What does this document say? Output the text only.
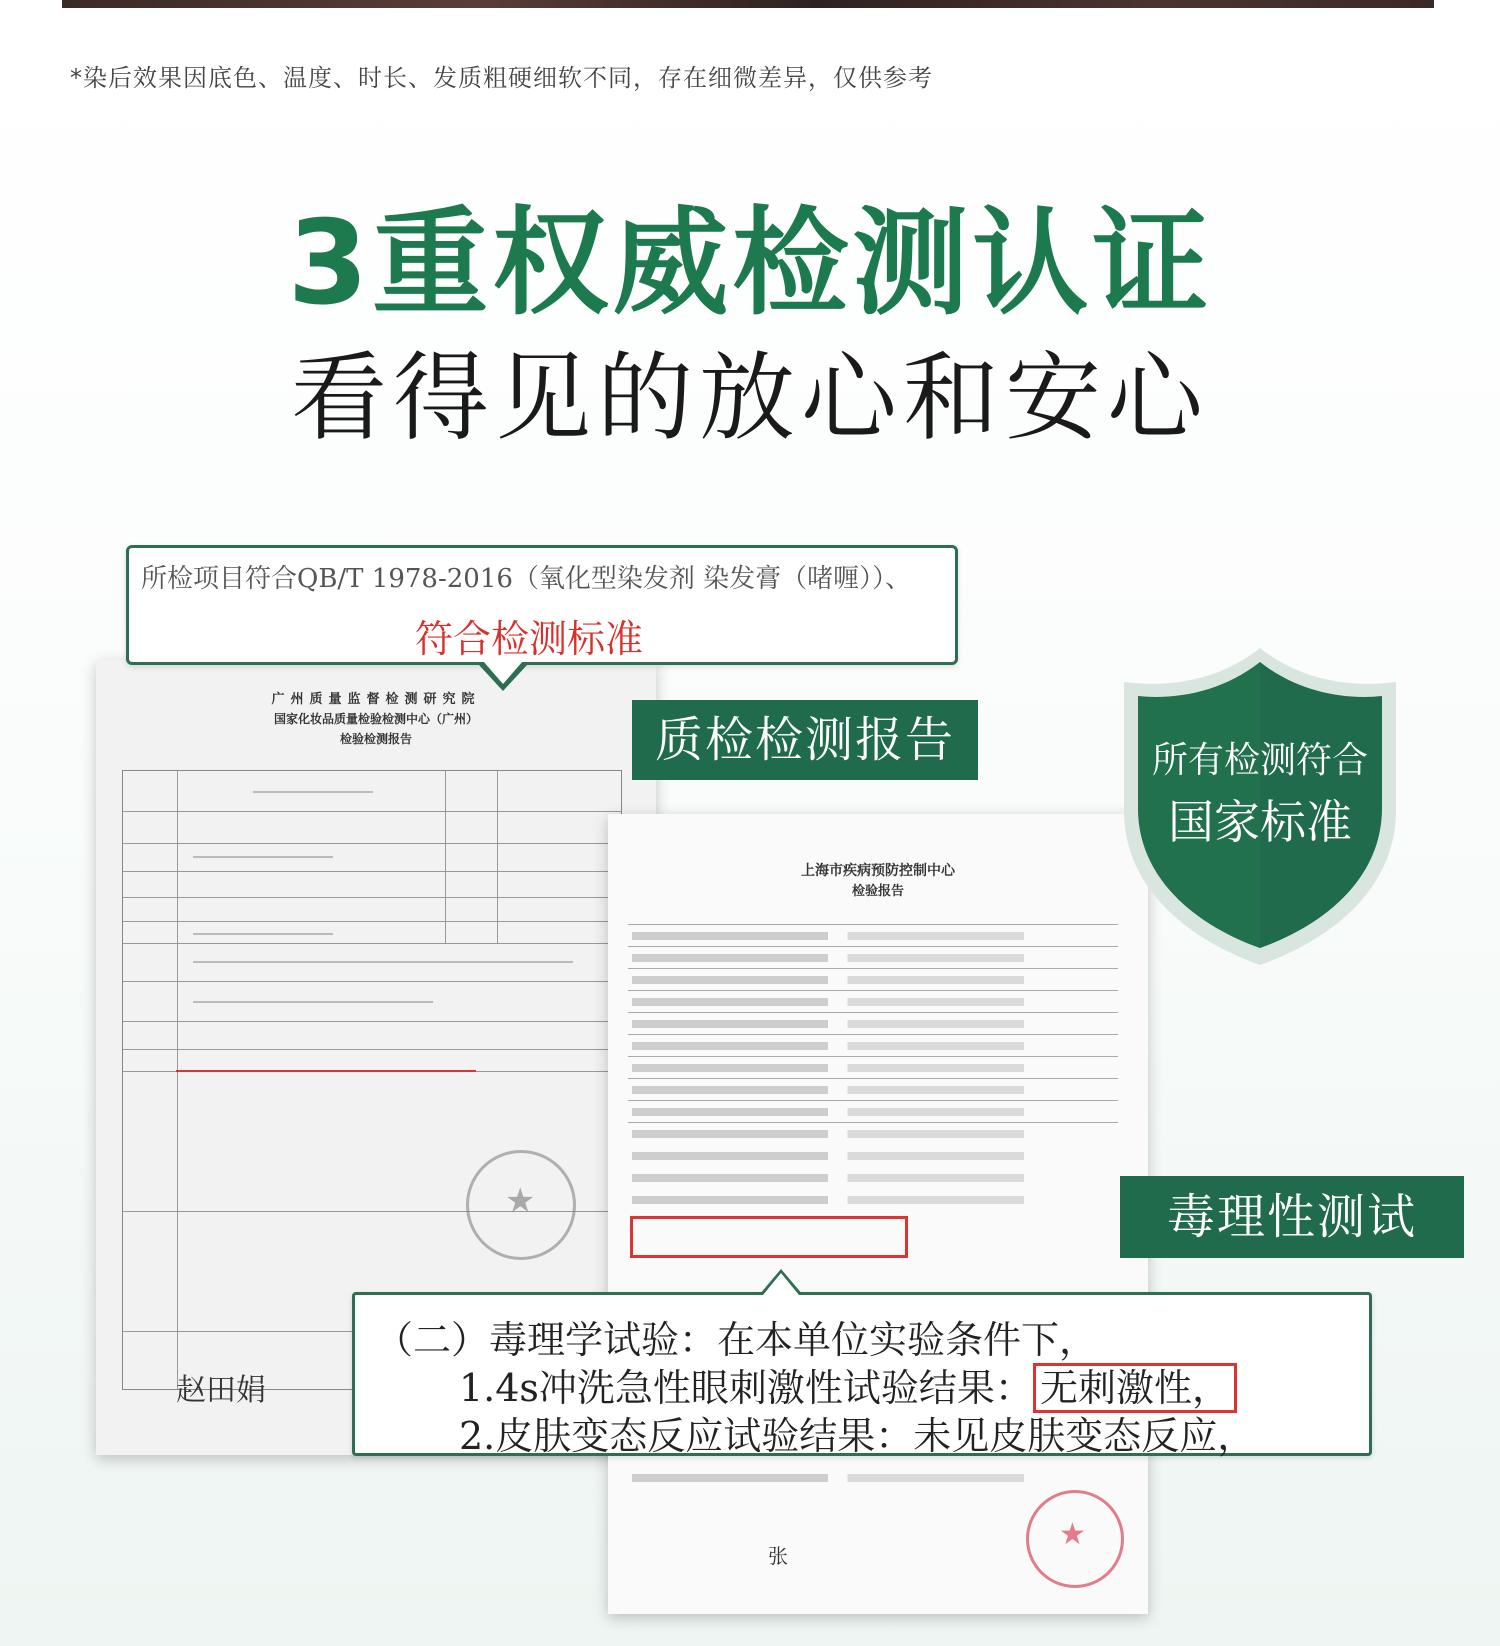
*染后效果因底色、温度、时长、发质粗硬细软不同，存在细微差异，仅供参考
3重权威检测认证
看得见的放心和安心
广州质量监督检测研究院
国家化妆品质量检验检测中心（广州）
检验检测报告
★
赵田娟
所检项目符合QB/T 1978-2016（氧化型染发剂 染发膏（啫喱））、
符合检测标准
上海市疾病预防控制中心
检验报告
张
★
质检检测报告
毒理性测试
（二）毒理学试验：在本单位实验条件下，
1.4s冲洗急性眼刺激性试验结果： 无刺激性，
2.皮肤变态反应试验结果：未见皮肤变态反应，
所有检测符合
国家标准
